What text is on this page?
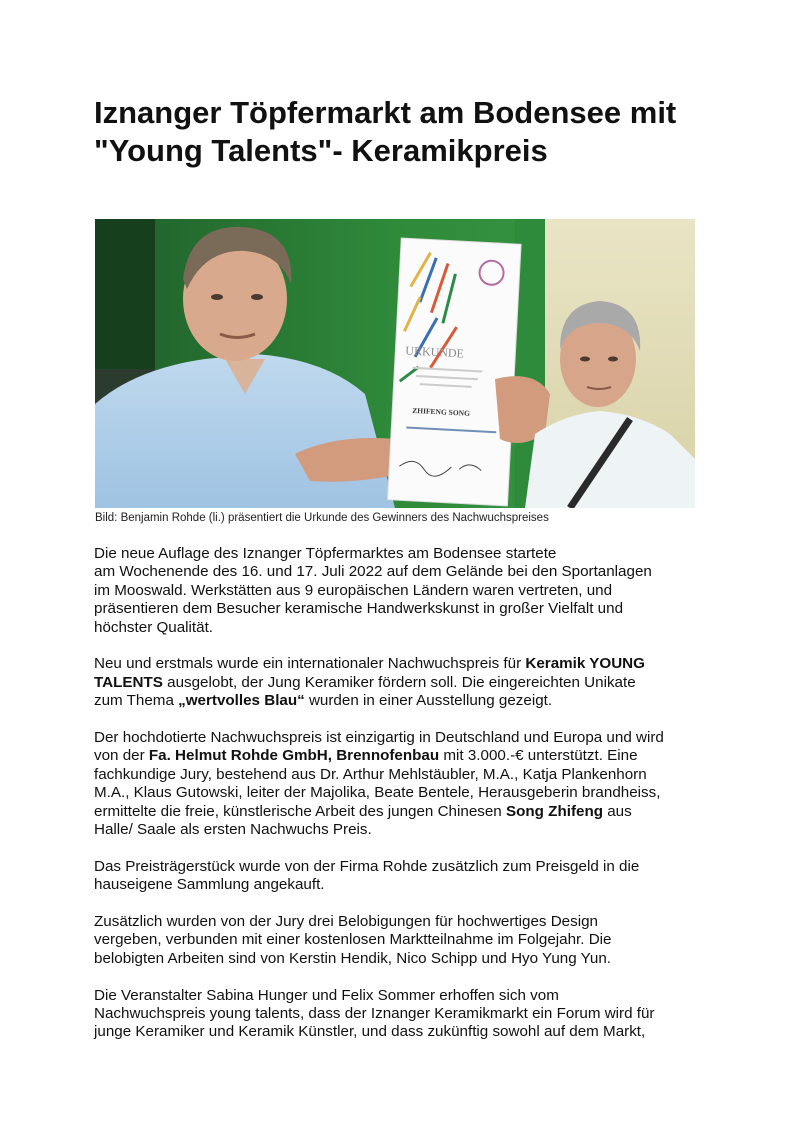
Iznanger Töpfermarkt am Bodensee mit
"Young Talents"- Keramikpreis
URKUNDE
ZHIFENG SONG
Bild: Benjamin Rohde (li.) präsentiert die Urkunde des Gewinners des Nachwuchspreises
Die neue Auflage des Iznanger Töpfermarktes am Bodensee startete
am Wochenende des 16. und 17. Juli 2022 auf dem Gelände bei den Sportanlagen
im Mooswald. Werkstätten aus 9 europäischen Ländern waren vertreten, und
präsentieren dem Besucher keramische Handwerkskunst in großer Vielfalt und
höchster Qualität.
Neu und erstmals wurde ein internationaler Nachwuchspreis für Keramik YOUNG
TALENTS ausgelobt, der Jung Keramiker fördern soll. Die eingereichten Unikate
zum Thema „wertvolles Blau“ wurden in einer Ausstellung gezeigt.
Der hochdotierte Nachwuchspreis ist einzigartig in Deutschland und Europa und wird
von der Fa. Helmut Rohde GmbH, Brennofenbau mit 3.000.-€ unterstützt. Eine
fachkundige Jury, bestehend aus Dr. Arthur Mehlstäubler, M.A., Katja Plankenhorn
M.A., Klaus Gutowski, leiter der Majolika, Beate Bentele, Herausgeberin brandheiss,
ermittelte die freie, künstlerische Arbeit des jungen Chinesen Song Zhifeng aus
Halle/ Saale als ersten Nachwuchs Preis.
Das Preisträgerstück wurde von der Firma Rohde zusätzlich zum Preisgeld in die
hauseigene Sammlung angekauft.
Zusätzlich wurden von der Jury drei Belobigungen für hochwertiges Design
vergeben, verbunden mit einer kostenlosen Marktteilnahme im Folgejahr. Die
belobigten Arbeiten sind von Kerstin Hendik, Nico Schipp und Hyo Yung Yun.
Die Veranstalter Sabina Hunger und Felix Sommer erhoffen sich vom
Nachwuchspreis young talents, dass der Iznanger Keramikmarkt ein Forum wird für
junge Keramiker und Keramik Künstler, und dass zukünftig sowohl auf dem Markt,
